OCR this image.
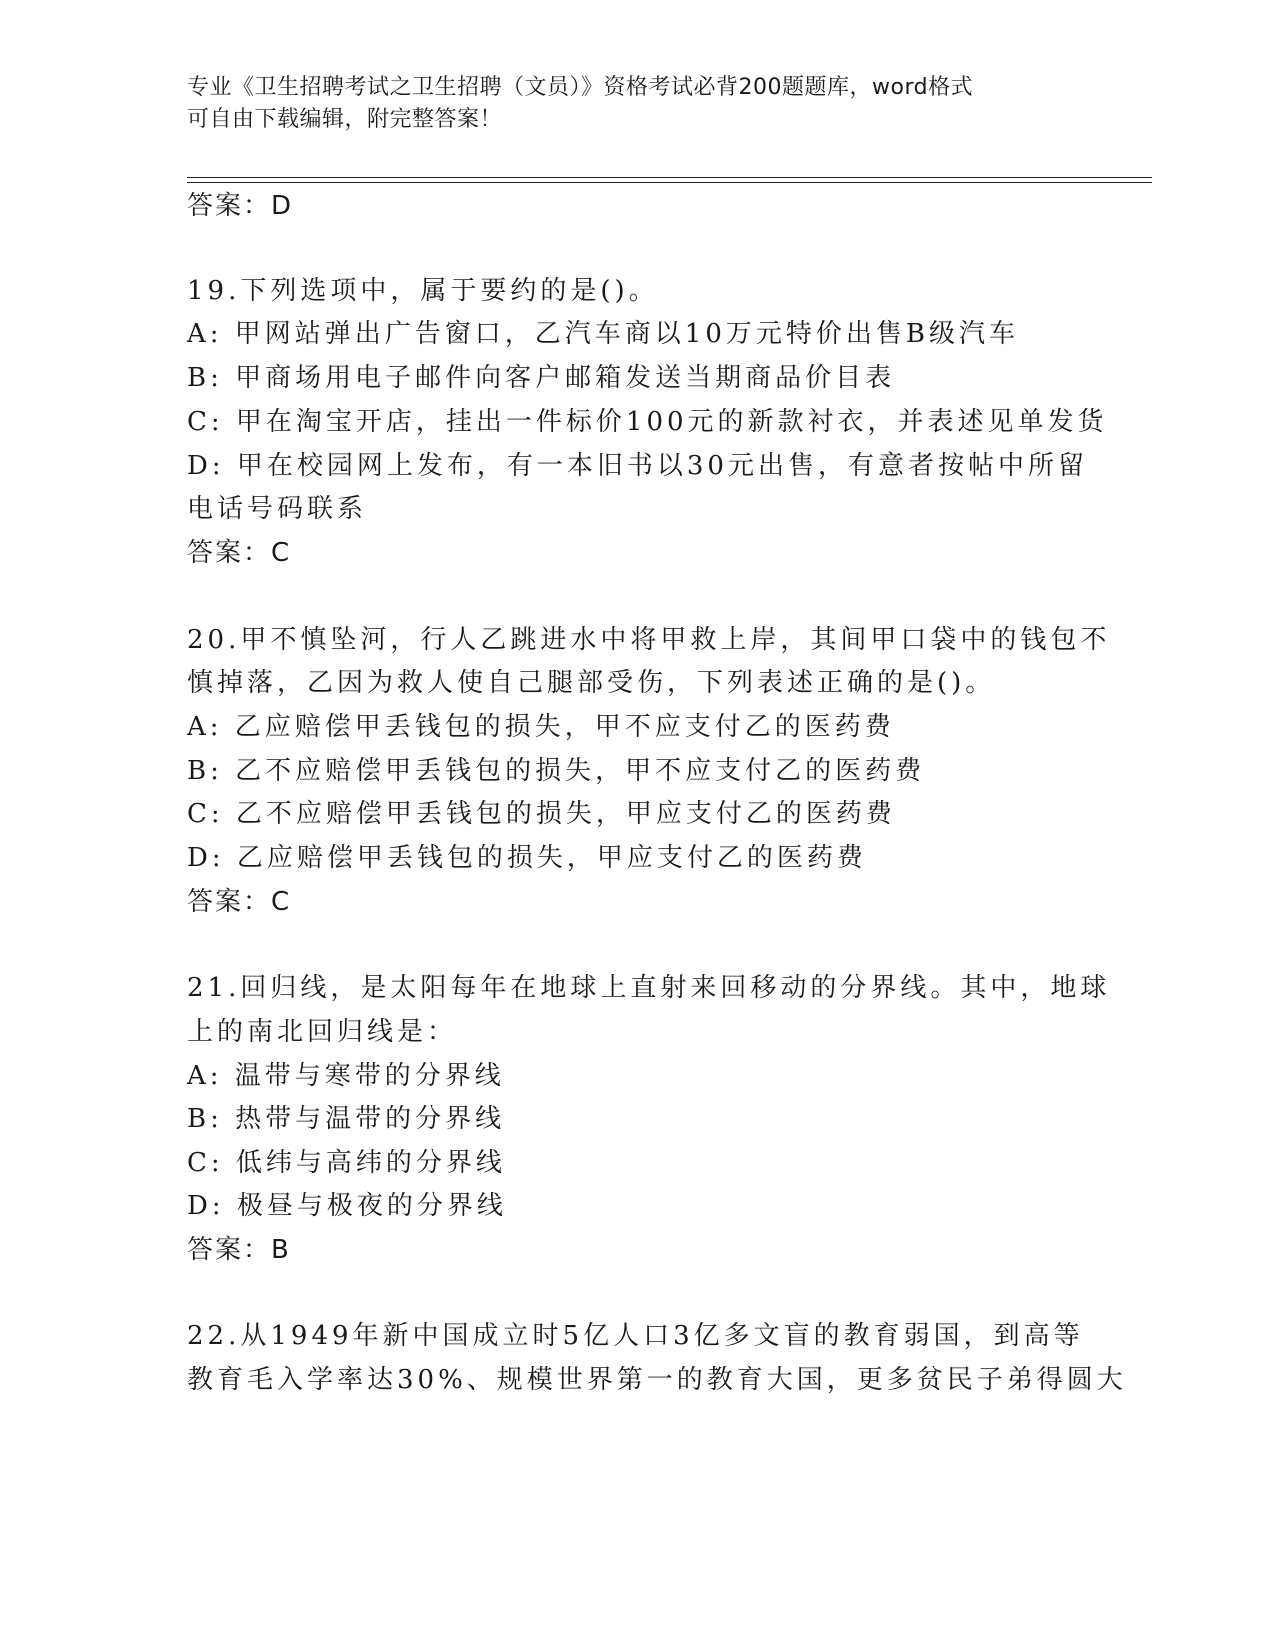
专业《卫生招聘考试之卫生招聘（文员）》资格考试必背200题题库，word格式
可自由下载编辑，附完整答案！
答案：D
19.下列选项中，属于要约的是()。
A: 甲网站弹出广告窗口，乙汽车商以10万元特价出售B级汽车
B: 甲商场用电子邮件向客户邮箱发送当期商品价目表
C: 甲在淘宝开店，挂出一件标价100元的新款衬衣，并表述见单发货
D: 甲在校园网上发布，有一本旧书以30元出售，有意者按帖中所留
电话号码联系
答案：C
20.甲不慎坠河，行人乙跳进水中将甲救上岸，其间甲口袋中的钱包不
慎掉落，乙因为救人使自己腿部受伤，下列表述正确的是()。
A: 乙应赔偿甲丢钱包的损失，甲不应支付乙的医药费
B: 乙不应赔偿甲丢钱包的损失，甲不应支付乙的医药费
C: 乙不应赔偿甲丢钱包的损失，甲应支付乙的医药费
D: 乙应赔偿甲丢钱包的损失，甲应支付乙的医药费
答案：C
21.回归线，是太阳每年在地球上直射来回移动的分界线。其中，地球
上的南北回归线是：
A: 温带与寒带的分界线
B: 热带与温带的分界线
C: 低纬与高纬的分界线
D: 极昼与极夜的分界线
答案：B
22.从1949年新中国成立时5亿人口3亿多文盲的教育弱国，到高等
教育毛入学率达30%、规模世界第一的教育大国，更多贫民子弟得圆大
